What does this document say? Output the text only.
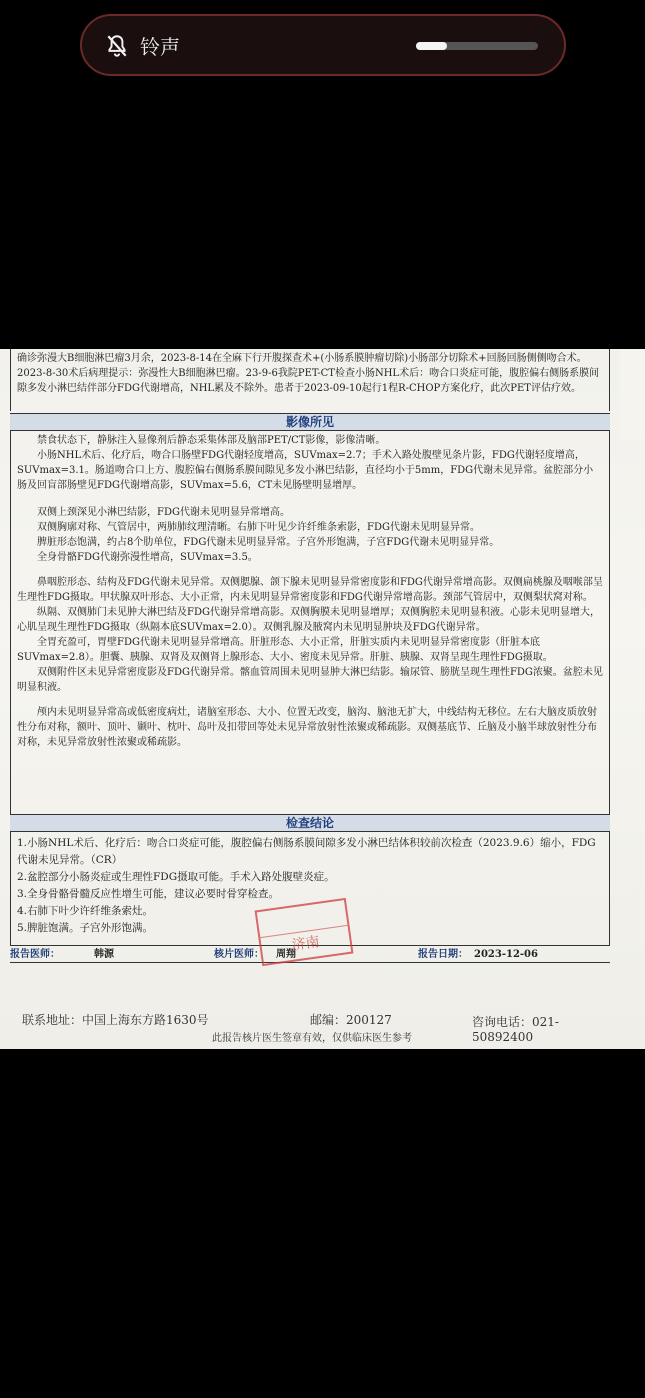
铃声

确诊弥漫大B细胞淋巴瘤3月余，2023-8-14在全麻下行开腹探查术+(小肠系膜肿瘤切除)小肠部分切除术+回肠回肠侧侧吻合术。2023-8-30术后病理提示：弥漫性大B细胞淋巴瘤。23-9-6我院PET-CT检查小肠NHL术后：吻合口炎症可能，腹腔偏右侧肠系膜间隙多发小淋巴结伴部分FDG代谢增高，NHL累及不除外。患者于2023-09-10起行1程R-CHOP方案化疗，此次PET评估疗效。

影像所见

禁食状态下，静脉注入显像剂后静态采集体部及脑部PET/CT影像，影像清晰。

小肠NHL术后、化疗后，吻合口肠壁FDG代谢轻度增高，SUVmax=2.7；手术入路处腹壁见条片影，FDG代谢轻度增高，SUVmax=3.1。肠道吻合口上方、腹腔偏右侧肠系膜间隙见多发小淋巴结影，直径均小于5mm，FDG代谢未见异常。盆腔部分小肠及回盲部肠壁见FDG代谢增高影，SUVmax=5.6，CT未见肠壁明显增厚。

双侧上颈深见小淋巴结影，FDG代谢未见明显异常增高。

双侧胸廓对称、气管居中，两肺肺纹理清晰。右肺下叶见少许纤维条索影，FDG代谢未见明显异常。

脾脏形态饱满，约占8个肋单位，FDG代谢未见明显异常。子宫外形饱满，子宫FDG代谢未见明显异常。

全身骨骼FDG代谢弥漫性增高，SUVmax=3.5。

鼻咽腔形态、结构及FDG代谢未见异常。双侧腮腺、颌下腺未见明显异常密度影和FDG代谢异常增高影。双侧扁桃腺及咽喉部呈生理性FDG摄取。甲状腺双叶形态、大小正常，内未见明显异常密度影和FDG代谢异常增高影。颈部气管居中，双侧梨状窝对称。

纵隔、双侧肺门未见肿大淋巴结及FDG代谢异常增高影。双侧胸膜未见明显增厚；双侧胸腔未见明显积液。心影未见明显增大，心肌呈现生理性FDG摄取（纵隔本底SUVmax=2.0）。双侧乳腺及腋窝内未见明显肿块及FDG代谢异常。

全胃充盈可，胃壁FDG代谢未见明显异常增高。肝脏形态、大小正常，肝脏实质内未见明显异常密度影（肝脏本底SUVmax=2.8）。胆囊、胰腺、双肾及双侧肾上腺形态、大小、密度未见异常。肝脏、胰腺、双肾呈现生理性FDG摄取。

双侧附件区未见异常密度影及FDG代谢异常。髂血管周围未见明显肿大淋巴结影。输尿管、膀胱呈现生理性FDG浓聚。盆腔未见明显积液。

颅内未见明显异常高或低密度病灶，诸脑室形态、大小、位置无改变，脑沟、脑池无扩大，中线结构无移位。左右大脑皮质放射性分布对称，额叶、顶叶、颞叶、枕叶、岛叶及扣带回等处未见异常放射性浓聚或稀疏影。双侧基底节、丘脑及小脑半球放射性分布对称，未见异常放射性浓聚或稀疏影。

检查结论

1.小肠NHL术后、化疗后：吻合口炎症可能，腹腔偏右侧肠系膜间隙多发小淋巴结体积较前次检查（2023.9.6）缩小，FDG代谢未见异常。（CR）

2.盆腔部分小肠炎症或生理性FDG摄取可能。手术入路处腹壁炎症。

3.全身骨骼骨髓反应性增生可能，建议必要时骨穿检查。

4.右肺下叶少许纤维条索灶。

5.脾脏饱满。子宫外形饱满。

报告医师：	韩源	核片医师： 周翔	报告日期： 2023-12-06
济南
联系地址：中国上海东方路1630号	邮编：200127	咨询电话：021-50892400
此报告核片医生签章有效，仅供临床医生参考
